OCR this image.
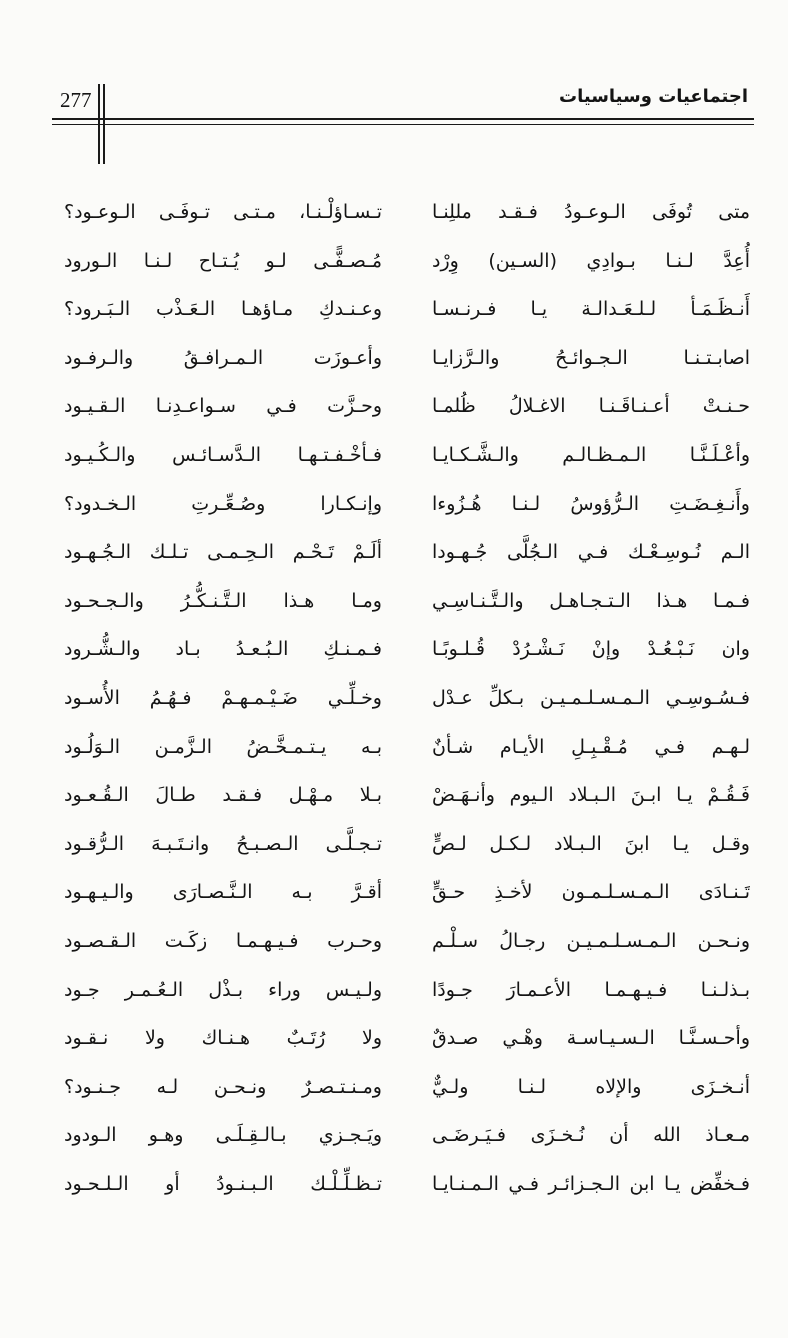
اجتماعيات وسياسيات
277
متى تُوفَى الـوعـودُ فـقـد مللِنـا
تـسـاؤلْـنـا، مـتـى تـوفَـى الـوعـود؟
أُعِدَّ لـنـا بـوادِي (السـين) وِرْد
مُـصـفًّـى لـو يُـتـاح لـنـا الـورود
أَنـظَـمَـأ لـلـعَـدالـة يـا فـرنـسـا
وعـنـدكِ مـاؤهـا الـعَـذْب الـبَـرود؟
اصابـتـنـا الـجـوائـحُ والـرَّزايـا
وأعـوزَت الـمـرافـقُ والـرفـود
حـنـتْ أعـنـاقَـنـا الاغـلالُ ظُلمـا
وحـزَّت فـي سـواعـدِنـا الـقـيـود
وأعْـلَـنَّـا الـمـظـالـم والـشَّـكـايـا
فـأخْـفـتـهـا الـدَّسـائـس والـكُـيـود
وأَنـغِـضَـتِ الـرُّؤوسُ لـنـا هُـزُوءا
وإنـكـارا وصُـعِّـرتِ الـخـدود؟
الـم نُـوسِـعْـك فـي الـجُلَّى جُـهـودا
ألَـمْ تَـحْـم الـحِـمـى تـلـك الـجُـهـود
فـمـا هـذا الـتـجـاهـل والـتَّـنـاسِـي
ومـا هـذا الـتَّـنـكُّـرُ والـجـحـود
وان نَـبْـعُـدْ وإنْ نَـشْـرُدْ قُـلـوبًـا
فـمـنـكِ الـبُـعـدُ بـاد والـشُّـرود
فـسُـوسِـي الـمـسـلـمـيـن بـكلِّ عـدْل
وخـلِّـي ضَـيْـمـهـمْ فـهُـمُ الأُسـود
لـهـم فـي مُـقْـبِـلِ الأيـام شـأنٌ
بـه يـتـمـخَّـضُ الـزَّمـن الـوَلُـود
فَـقُـمْ يـا ابـنَ الـبـلاد الـيوم وأنـهَـضْ
بـلا مـهْـل فـقـد طـالَ الـقُـعـود
وقـل يـا ابنَ الـبـلاد لـكـل لـصٍّ
تـجـلَّـى الـصـبـحُ وانـتَـبـهَ الـرُّقـود
تَـنـادَى الـمـسـلـمـون لأخـذِ حـقٍّ
أقـرَّ بـه الـنَّـصـارَى والـيـهـود
ونـحـن الـمـسـلـمـيـن رجـالُ سـلْـم
وحـرب فـيـهـمـا زكَـت الـقـصـود
بـذلـنـا فـيـهـمـا الأعـمـارَ جـودًا
ولـيـس وراء بـذْل الـعُـمـر جـود
وأحـسـنَّـا الـسـيـاسـة وهْـي صـدقٌ
ولا رُتَـبٌ هـنـاك ولا نـقـود
أنـخـزَى والإلاه لـنـا ولـيٌّ
ومـنـتـصـرٌ ونـحـن لـه جـنـود؟
مـعـاذ الله أن نُـخـزَى فـيَـرضَـى
ويَـجـزي بـالـقِـلَـى وهـو الـودود
فـخفِّض يـا ابن الـجـزائـر فـي الـمـنـايـا
تـظـلِّـلْـك الـبـنـودُ أو الـلـحـود
